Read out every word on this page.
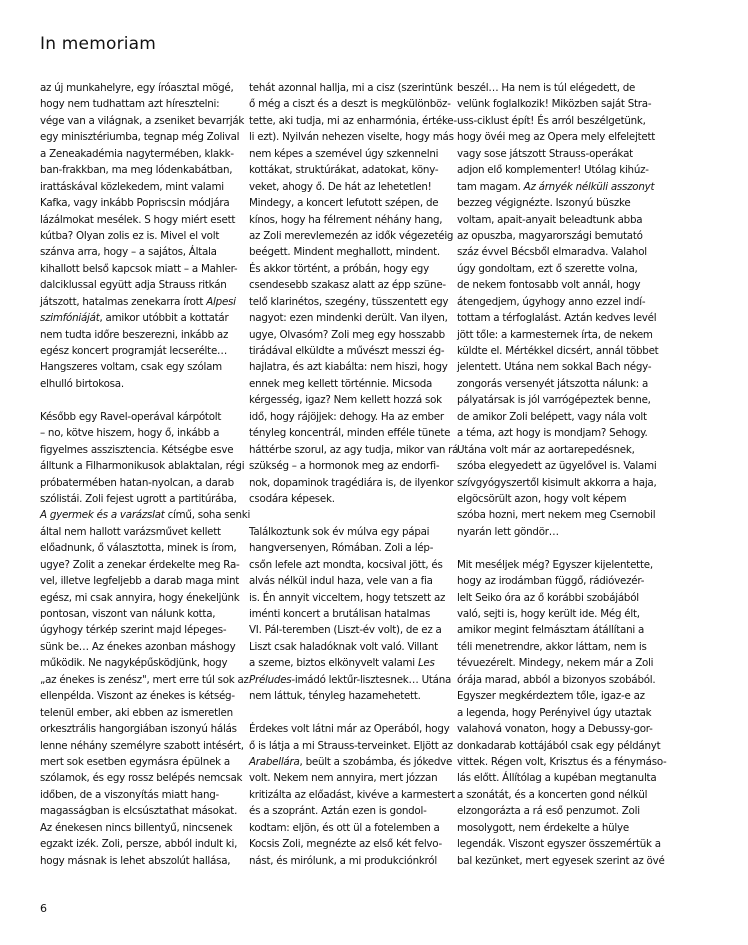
In memoriam
az új munkahelyre, egy íróasztal mögé,
hogy nem tudhattam azt híresztelni:
vége van a világnak, a zseniket bevarrják
egy minisztériumba, tegnap még Zolival
a Zeneakadémia nagytermében, klakk-
ban-frakkban, ma meg lódenkabátban,
irattáskával közlekedem, mint valami
Kafka, vagy inkább Popriscsin módjára
lázálmokat mesélek. S hogy miért esett
kútba? Olyan zolis ez is. Mivel el volt
szánva arra, hogy – a sajátos, Általa
kihallott belső kapcsok miatt – a Mahler-
dalciklussal együtt adja Strauss ritkán
játszott, hatalmas zenekarra írott Alpesi
szimfóniáját, amikor utóbbit a kottatár
nem tudta időre beszerezni, inkább az
egész koncert programját lecserélte…
Hangszeres voltam, csak egy szólam
elhulló birtokosa.
Később egy Ravel-operával kárpótolt
– no, kötve hiszem, hogy ő, inkább a
figyelmes asszisztencia. Kétségbe esve
álltunk a Filharmonikusok ablaktalan, régi
próbatermében hatan-nyolcan, a darab
szólistái. Zoli fejest ugrott a partitúrába,
A gyermek és a varázslat című, soha senki
által nem hallott varázsművet kellett
előadnunk, ő választotta, minek is írom,
ugye? Zolit a zenekar érdekelte meg Ra-
vel, illetve legfeljebb a darab maga mint
egész, mi csak annyira, hogy énekeljünk
pontosan, viszont van nálunk kotta,
úgyhogy térkép szerint majd lépeges-
sünk be… Az énekes azonban máshogy
működik. Ne nagyképűsködjünk, hogy
„az énekes is zenész", mert erre túl sok az
ellenpélda. Viszont az énekes is kétség-
telenül ember, aki ebben az ismeretlen
orkesztrális hangorgiában iszonyú hálás
lenne néhány személyre szabott intésért,
mert sok esetben egymásra épülnek a
szólamok, és egy rossz belépés nemcsak
időben, de a viszonyítás miatt hang-
magasságban is elcsúsztathat másokat.
Az énekesen nincs billentyű, nincsenek
egzakt izék. Zoli, persze, abból indult ki,
hogy másnak is lehet abszolút hallása,
tehát azonnal hallja, mi a cisz (szerintünk
ő még a ciszt és a deszt is megkülönböz-
tette, aki tudja, mi az enharmónia, értéke-
li ezt). Nyilván nehezen viselte, hogy más
nem képes a szemével úgy szkennelni
kottákat, struktúrákat, adatokat, köny-
veket, ahogy ő. De hát az lehetetlen!
Mindegy, a koncert lefutott szépen, de
kínos, hogy ha félrement néhány hang,
az Zoli merevlemezén az idők végezetéig
beégett. Mindent meghallott, mindent.
És akkor történt, a próbán, hogy egy
csendesebb szakasz alatt az épp szüne-
telő klarinétos, szegény, tüsszentett egy
nagyot: ezen mindenki derült. Van ilyen,
ugye, Olvasóm? Zoli meg egy hosszabb
tirádával elküldte a művészt messzi ég-
hajlatra, és azt kiabálta: nem hiszi, hogy
ennek meg kellett történnie. Micsoda
kérgesség, igaz? Nem kellett hozzá sok
idő, hogy rájöjjek: dehogy. Ha az ember
tényleg koncentrál, minden efféle tünete
háttérbe szorul, az agy tudja, mikor van rá
szükség – a hormonok meg az endorfi-
nok, dopaminok tragédiára is, de ilyenkor
csodára képesek.
Találkoztunk sok év múlva egy pápai
hangversenyen, Rómában. Zoli a lép-
csőn lefele azt mondta, kocsival jött, és
alvás nélkül indul haza, vele van a fia
is. Én annyit vicceltem, hogy tetszett az
iménti koncert a brutálisan hatalmas
VI. Pál-teremben (Liszt-év volt), de ez a
Liszt csak haladóknak volt való. Villant
a szeme, biztos elkönyvelt valami Les
Préludes-imádó lektűr-lisztesnek… Utána
nem láttuk, tényleg hazamehetett.
Érdekes volt látni már az Operából, hogy
ő is látja a mi Strauss-terveinket. Eljött az
Arabellára, beült a szobámba, és jókedve
volt. Nekem nem annyira, mert józzan
kritizálta az előadást, kivéve a karmestert
és a szopránt. Aztán ezen is gondol-
kodtam: eljön, és ott ül a fotelemben a
Kocsis Zoli, megnézte az első két felvo-
nást, és mirólunk, a mi produkciónkról
beszél… Ha nem is túl elégedett, de
velünk foglalkozik! Miközben saját Stra-
uss-ciklust épít! És arról beszélgetünk,
hogy övéi meg az Opera mely elfelejtett
vagy sose játszott Strauss-operákat
adjon elő komplementer! Utólag kihúz-
tam magam. Az árnyék nélküli asszonyt
bezzeg végignézte. Iszonyú büszke
voltam, apait-anyait beleadtunk abba
az opuszba, magyarországi bemutató
száz évvel Bécsből elmaradva. Valahol
úgy gondoltam, ezt ő szerette volna,
de nekem fontosabb volt annál, hogy
átengedjem, úgyhogy anno ezzel indí-
tottam a térfoglalást. Aztán kedves levél
jött tőle: a karmesternek írta, de nekem
küldte el. Mértékkel dicsért, annál többet
jelentett. Utána nem sokkal Bach négy-
zongorás versenyét játszotta nálunk: a
pályatársak is jól varrógépeztek benne,
de amikor Zoli belépett, vagy nála volt
a téma, azt hogy is mondjam? Sehogy.
Utána volt már az aortarepedésnek,
szóba elegyedett az ügyelővel is. Valami
szívgyógyszertől kisimult akkorra a haja,
elgöcsörült azon, hogy volt képem
szóba hozni, mert nekem meg Csernobil
nyarán lett göndör…
Mit meséljek még? Egyszer kijelentette,
hogy az irodámban függő, rádióvezér-
lelt Seiko óra az ő korábbi szobájából
való, sejti is, hogy került ide. Még élt,
amikor megint felmásztam átállítani a
téli menetrendre, akkor láttam, nem is
tévuezérelt. Mindegy, nekem már a Zoli
órája marad, abból a bizonyos szobából.
Egyszer megkérdeztem tőle, igaz-e az
a legenda, hogy Perényivel úgy utaztak
valahová vonaton, hogy a Debussy-gor-
donkadarab kottájából csak egy példányt
vittek. Régen volt, Krisztus és a fénymáso-
lás előtt. Állítólag a kupéban megtanulta
a szonátát, és a koncerten gond nélkül
elzongorázta a rá eső penzumot. Zoli
mosolygott, nem érdekelte a hülye
legendák. Viszont egyszer összemértük a
bal kezünket, mert egyesek szerint az övé
6
